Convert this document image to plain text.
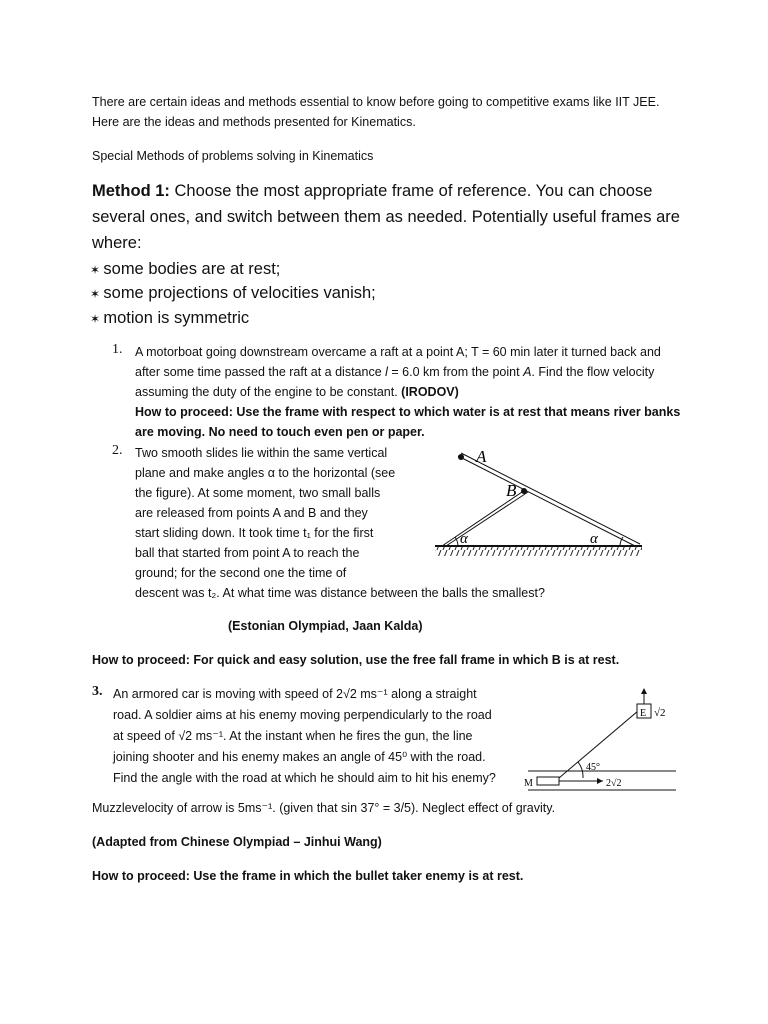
There are certain ideas and methods essential to know before going to competitive exams like IIT JEE.

Here are the ideas and methods presented for Kinematics.

Special Methods of problems solving in Kinematics

Method 1: Choose the most appropriate frame of reference. You can choose

several ones, and switch between them as needed. Potentially useful frames are

where:

✶ some bodies are at rest;

✶ some projections of velocities vanish;

✶ motion is symmetric

1. A motorboat going downstream overcame a raft at a point A; T = 60 min later it turned back and

after some time passed the raft at a distance l = 6.0 km from the point A. Find the flow velocity

assuming the duty of the engine to be constant. (IRODOV)

How to proceed: Use the frame with respect to which water is at rest that means river banks

are moving. No need to touch even pen or paper.

2. Two smooth slides lie within the same vertical

plane and make angles α to the horizontal (see

the figure). At some moment, two small balls

are released from points A and B and they

start sliding down. It took time t₁ for the first

ball that started from point A to reach the

ground; for the second one the time of

descent was t₂. At what time was distance between the balls the smallest?

(Estonian Olympiad, Jaan Kalda)

How to proceed: For quick and easy solution, use the free fall frame in which B is at rest.

A
B
α	α
3. An armored car is moving with speed of 2√2 ms⁻¹ along a straight

road. A soldier aims at his enemy moving perpendicularly to the road

at speed of √2 ms⁻¹. At the instant when he fires the gun, the line

joining shooter and his enemy makes an angle of 45⁰ with the road.

Find the angle with the road at which he should aim to hit his enemy?

E √2
45°
M	2√2

Muzzlevelocity of arrow is 5ms⁻¹. (given that sin 37° = 3/5). Neglect effect of gravity.

(Adapted from Chinese Olympiad – Jinhui Wang)

How to proceed: Use the frame in which the bullet taker enemy is at rest.
